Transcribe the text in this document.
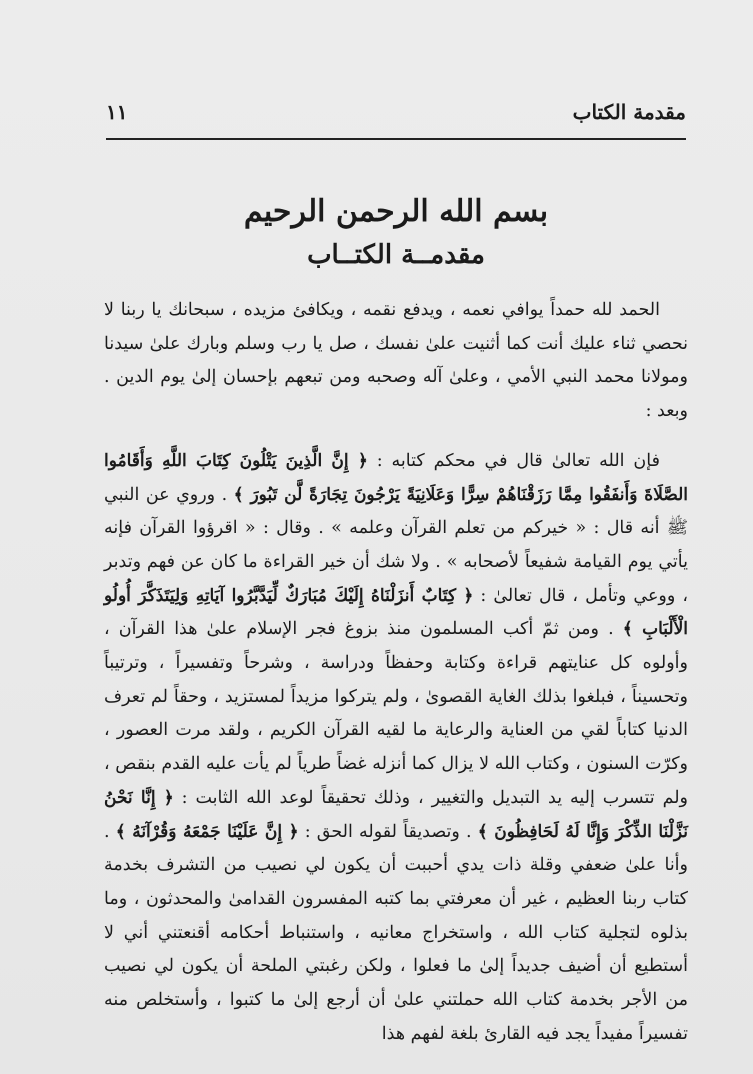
مقدمة الكتاب
١١
بسم الله الرحمن الرحيم
مقدمــة الكتــاب

الحمد لله حمداً يوافي نعمه ، ويدفع نقمه ، ويكافئ مزيده ، سبحانك يا ربنا لا نحصي ثناء عليك أنت كما أثنيت علىٰ نفسك ، صل يا رب وسلم وبارك علىٰ سيدنا ومولانا محمد النبي الأمي ، وعلىٰ آله وصحبه ومن تبعهم بإحسان إلىٰ يوم الدين . وبعد :

فإن الله تعالىٰ قال في محكم كتابه : ﴿ إِنَّ الَّذِينَ يَتْلُونَ كِتَابَ اللَّهِ وَأَقَامُوا الصَّلَاةَ وَأَنفَقُوا مِمَّا رَزَقْنَاهُمْ سِرًّا وَعَلَانِيَةً يَرْجُونَ تِجَارَةً لَّن تَبُورَ ﴾ . وروي عن النبي ﷺ أنه قال : « خيركم من تعلم القرآن وعلمه » . وقال : « اقرؤوا القرآن فإنه يأتي يوم القيامة شفيعاً لأصحابه » . ولا شك أن خير القراءة ما كان عن فهم وتدبر ، ووعي وتأمل ، قال تعالىٰ : ﴿ كِتَابٌ أَنزَلْنَاهُ إِلَيْكَ مُبَارَكٌ لِّيَدَّبَّرُوا آيَاتِهِ وَلِيَتَذَكَّرَ أُولُو الْأَلْبَابِ ﴾ . ومن ثمّ أكب المسلمون منذ بزوغ فجر الإسلام علىٰ هذا القرآن ، وأولوه كل عنايتهم قراءة وكتابة وحفظاً ودراسة ، وشرحاً وتفسيراً ، وترتيباً وتحسيناً ، فبلغوا بذلك الغاية القصوىٰ ، ولم يتركوا مزيداً لمستزيد ، وحقاً لم تعرف الدنيا كتاباً لقي من العناية والرعاية ما لقيه القرآن الكريم ، ولقد مرت العصور ، وكرّت السنون ، وكتاب الله لا يزال كما أنزله غضاً طرياً لم يأت عليه القدم بنقص ، ولم تتسرب إليه يد التبديل والتغيير ، وذلك تحقيقاً لوعد الله الثابت : ﴿ إِنَّا نَحْنُ نَزَّلْنَا الذِّكْرَ وَإِنَّا لَهُ لَحَافِظُونَ ﴾ . وتصديقاً لقوله الحق : ﴿ إِنَّ عَلَيْنَا جَمْعَهُ وَقُرْآنَهُ ﴾ . وأنا علىٰ ضعفي وقلة ذات يدي أحببت أن يكون لي نصيب من التشرف بخدمة كتاب ربنا العظيم ، غير أن معرفتي بما كتبه المفسرون القدامىٰ والمحدثون ، وما بذلوه لتجلية كتاب الله ، واستخراج معانيه ، واستنباط أحكامه أقنعتني أني لا أستطيع أن أضيف جديداً إلىٰ ما فعلوا ، ولكن رغبتي الملحة أن يكون لي نصيب من الأجر بخدمة كتاب الله حملتني علىٰ أن أرجع إلىٰ ما كتبوا ، وأستخلص منه تفسيراً مفيداً يجد فيه القارئ بلغة لفهم هذا
